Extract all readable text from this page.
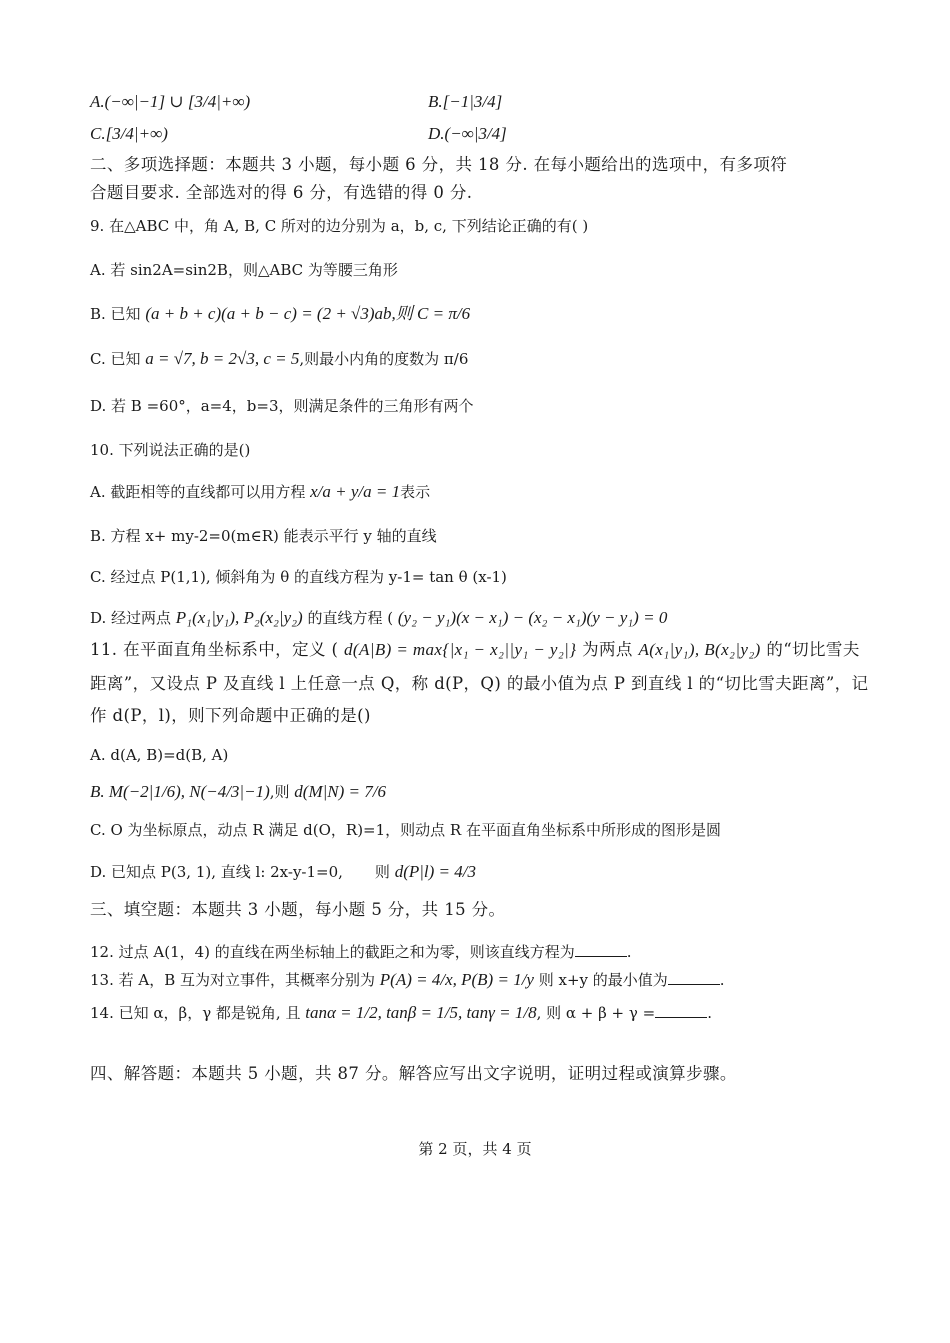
A.(−∞|−1] ∪ [3/4|+∞)	B.[−1|3/4]
C.[3/4|+∞)	D.(−∞|3/4]
二、多项选择题：本题共 3 小题，每小题 6 分，共 18 分. 在每小题给出的选项中，有多项符
合题目要求. 全部选对的得 6 分，有选错的得 0 分.
9. 在△ABC 中，角 A, B, C 所对的边分别为 a，b, c, 下列结论正确的有( )
A. 若 sin2A=sin2B，则△ABC 为等腰三角形
B. 已知 (a + b + c)(a + b − c) = (2 + √3)ab,则 C = π/6
C. 已知 a = √7, b = 2√3, c = 5,则最小内角的度数为 π/6
D. 若 B =60°，a=4，b=3，则满足条件的三角形有两个
10. 下列说法正确的是()
A. 截距相等的直线都可以用方程 x/a + y/a = 1表示
B. 方程 x+ my-2=0(m∈R) 能表示平行 y 轴的直线
C. 经过点 P(1,1), 倾斜角为 θ 的直线方程为 y-1= tan θ (x-1)
D. 经过两点 P₁(x₁|y₁), P₂(x₂|y₂) 的直线方程 ( (y₂ − y₁)(x − x₁) − (x₂ − x₁)(y − y₁) = 0
11. 在平面直角坐标系中，定义 ( d(A|B) = max{|x₁ − x₂||y₁ − y₂|} 为两点 A(x₁|y₁), B(x₂|y₂) 的“切比雪夫
距离”，又设点 P 及直线 l 上任意一点 Q，称 d(P，Q) 的最小值为点 P 到直线 l 的“切比雪夫距离”，记
作 d(P，l)，则下列命题中正确的是()
A. d(A, B)=d(B, A)
B. M(−2|1/6), N(−4/3|−1),则 d(M|N) = 7/6
C. O 为坐标原点，动点 R 满足 d(O，R)=1，则动点 R 在平面直角坐标系中所形成的图形是圆
D. 已知点 P(3, 1), 直线 l: 2x-y-1=0, 则 d(P|l) = 4/3
三、填空题：本题共 3 小题，每小题 5 分，共 15 分。
12. 过点 A(1，4) 的直线在两坐标轴上的截距之和为零，则该直线方程为	.
13. 若 A，B 互为对立事件，其概率分别为 P(A) = 4/x, P(B) = 1/y 则 x+y 的最小值为	.
14. 已知 α，β，γ 都是锐角, 且 tanα = 1/2, tanβ = 1/5, tanγ = 1/8, 则 α + β + γ =	.
四、解答题：本题共 5 小题，共 87 分。解答应写出文字说明，证明过程或演算步骤。
第 2 页，共 4 页
